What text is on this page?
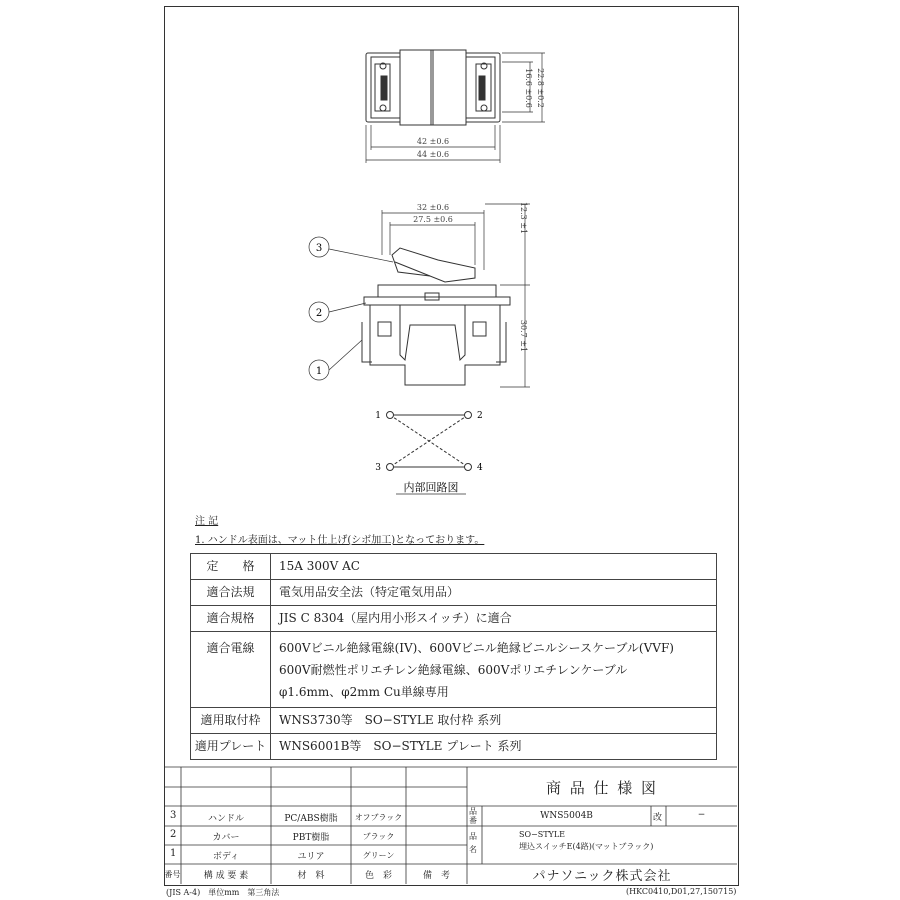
42 ±0.6
44 ±0.6
16.6 ±0.6 22.8 ±0.2
32 ±0.6
27.5 ±0.6	12.3 ±1
30.7 ±1
3
2
1
1	2
3	4
内部回路図
注 記
1. ハンドル表面は、マット仕上げ(シボ加工)となっております。
定　　格	15A 300V AC
適合法規	電気用品安全法（特定電気用品）
適合規格	JIS C 8304（屋内用小形スイッチ）に適合
適合電線	600Vビニル絶縁電線(IV)、600Vビニル絶縁ビニルシースケーブル(VVF)
600V耐燃性ポリエチレン絶縁電線、600Vポリエチレンケーブル
φ1.6mm、φ2mm Cu単線専用

適用取付枠	WNS3730等　SO−STYLE 取付枠 系列
適用プレート	WNS6001B等　SO−STYLE プレート 系列
3	ハンドル	PC/ABS樹脂	オフブラック
2	カバー	PBT樹脂	ブラック
1	ボディ	ユリア	グリーン
番号	構 成 要 素	材　料	色　彩	備　考
商 品 仕 様 図
品
番	WNS5004B	改	−
品
名
SO−STYLE
埋込スイッチE(4路)(マットブラック)
パナソニック株式会社
(JIS A-4)　単位mm　第三角法	(HKC0410,D01,27,150715)
